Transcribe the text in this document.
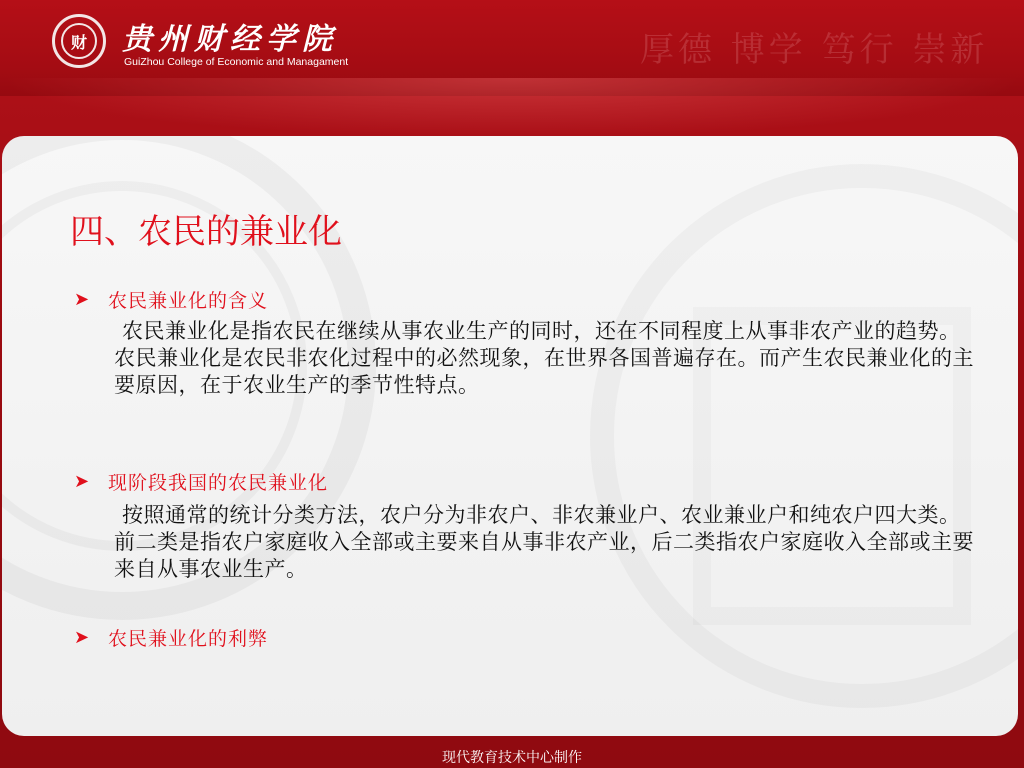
财 贵州财经学院
GuiZhou College of Economic and Managament	厚德 博学 笃行 崇新
四、农民的兼业化
➤ 农民兼业化的含义
农民兼业化是指农民在继续从事农业生产的同时，还在不同程度上从事非农产业的趋势。农民兼业化是农民非农化过程中的必然现象，在世界各国普遍存在。而产生农民兼业化的主要原因，在于农业生产的季节性特点。
➤ 现阶段我国的农民兼业化
按照通常的统计分类方法，农户分为非农户、非农兼业户、农业兼业户和纯农户四大类。前二类是指农户家庭收入全部或主要来自从事非农产业，后二类指农户家庭收入全部或主要来自从事农业生产。
➤ 农民兼业化的利弊
现代教育技术中心制作
